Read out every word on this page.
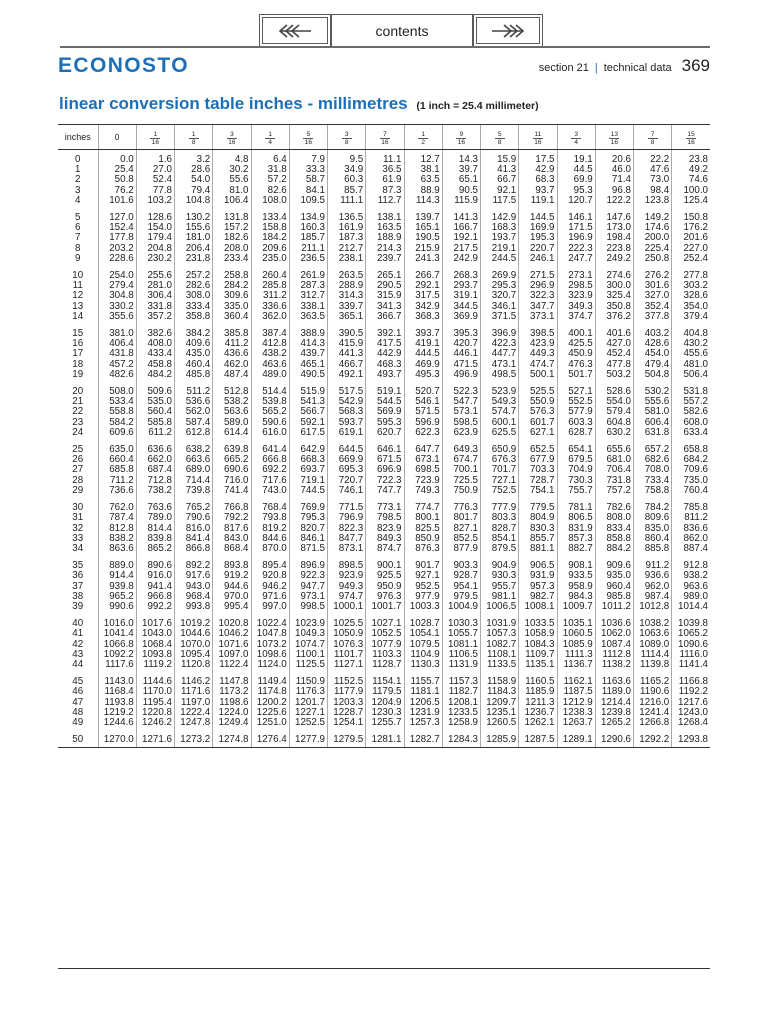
contents
ECONOSTO	section 21 | technical data 369
linear conversion table inches - millimetres (1 inch = 25.4 millimeter)
inches	0	$\frac{1}{16}$	$\frac{1}{8}$	$\frac{3}{16}$	$\frac{1}{4}$	$\frac{5}{16}$	$\frac{3}{8}$	$\frac{7}{16}$	$\frac{1}{2}$	$\frac{9}{16}$	$\frac{5}{8}$	$\frac{11}{16}$	$\frac{3}{4}$	$\frac{13}{16}$	$\frac{7}{8}$	$\frac{15}{16}$

0	0.0	1.6	3.2	4.8	6.4	7.9	9.5	11.1	12.7	14.3	15.9	17.5	19.1	20.6	22.2	23.8
1	25.4	27.0	28.6	30.2	31.8	33.3	34.9	36.5	38.1	39.7	41.3	42.9	44.5	46.0	47.6	49.2
2	50.8	52.4	54.0	55.6	57.2	58.7	60.3	61.9	63.5	65.1	66.7	68.3	69.9	71.4	73.0	74.6
3	76.2	77.8	79.4	81.0	82.6	84.1	85.7	87.3	88.9	90.5	92.1	93.7	95.3	96.8	98.4	100.0
4	101.6	103.2	104.8	106.4	108.0	109.5	111.1	112.7	114.3	115.9	117.5	119.1	120.7	122.2	123.8	125.4
5	127.0	128.6	130.2	131.8	133.4	134.9	136.5	138.1	139.7	141.3	142.9	144.5	146.1	147.6	149.2	150.8
6	152.4	154.0	155.6	157.2	158.8	160.3	161.9	163.5	165.1	166.7	168.3	169.9	171.5	173.0	174.6	176.2
7	177.8	179.4	181.0	182.6	184.2	185.7	187.3	188.9	190.5	192.1	193.7	195.3	196.9	198.4	200.0	201.6
8	203.2	204.8	206.4	208.0	209.6	211.1	212.7	214.3	215.9	217.5	219.1	220.7	222.3	223.8	225.4	227.0
9	228.6	230.2	231.8	233.4	235.0	236.5	238.1	239.7	241.3	242.9	244.5	246.1	247.7	249.2	250.8	252.4
10	254.0	255.6	257.2	258.8	260.4	261.9	263.5	265.1	266.7	268.3	269.9	271.5	273.1	274.6	276.2	277.8
11	279.4	281.0	282.6	284.2	285.8	287.3	288.9	290.5	292.1	293.7	295.3	296.9	298.5	300.0	301.6	303.2
12	304.8	306.4	308.0	309.6	311.2	312.7	314.3	315.9	317.5	319.1	320.7	322.3	323.9	325.4	327.0	328.6
13	330.2	331.8	333.4	335.0	336.6	338.1	339.7	341.3	342.9	344.5	346.1	347.7	349.3	350.8	352.4	354.0
14	355.6	357.2	358.8	360.4	362.0	363.5	365.1	366.7	368.3	369.9	371.5	373.1	374.7	376.2	377.8	379.4
15	381.0	382.6	384.2	385.8	387.4	388.9	390.5	392.1	393.7	395.3	396.9	398.5	400.1	401.6	403.2	404.8
16	406.4	408.0	409.6	411.2	412.8	414.3	415.9	417.5	419.1	420.7	422.3	423.9	425.5	427.0	428.6	430.2
17	431.8	433.4	435.0	436.6	438.2	439.7	441.3	442.9	444.5	446.1	447.7	449.3	450.9	452.4	454.0	455.6
18	457.2	458.8	460.4	462.0	463.6	465.1	466.7	468.3	469.9	471.5	473.1	474.7	476.3	477.8	479.4	481.0
19	482.6	484.2	485.8	487.4	489.0	490.5	492.1	493.7	495.3	496.9	498.5	500.1	501.7	503.2	504.8	506.4
20	508.0	509.6	511.2	512.8	514.4	515.9	517.5	519.1	520.7	522.3	523.9	525.5	527.1	528.6	530.2	531.8
21	533.4	535.0	536.6	538.2	539.8	541.3	542.9	544.5	546.1	547.7	549.3	550.9	552.5	554.0	555.6	557.2
22	558.8	560.4	562.0	563.6	565.2	566.7	568.3	569.9	571.5	573.1	574.7	576.3	577.9	579.4	581.0	582.6
23	584.2	585.8	587.4	589.0	590.6	592.1	593.7	595.3	596.9	598.5	600.1	601.7	603.3	604.8	606.4	608.0
24	609.6	611.2	612.8	614.4	616.0	617.5	619.1	620.7	622.3	623.9	625.5	627.1	628.7	630.2	631.8	633.4
25	635.0	636.6	638.2	639.8	641.4	642.9	644.5	646.1	647.7	649.3	650.9	652.5	654.1	655.6	657.2	658.8
26	660.4	662.0	663.6	665.2	666.8	668.3	669.9	671.5	673.1	674.7	676.3	677.9	679.5	681.0	682.6	684.2
27	685.8	687.4	689.0	690.6	692.2	693.7	695.3	696.9	698.5	700.1	701.7	703.3	704.9	706.4	708.0	709.6
28	711.2	712.8	714.4	716.0	717.6	719.1	720.7	722.3	723.9	725.5	727.1	728.7	730.3	731.8	733.4	735.0
29	736.6	738.2	739.8	741.4	743.0	744.5	746.1	747.7	749.3	750.9	752.5	754.1	755.7	757.2	758.8	760.4
30	762.0	763.6	765.2	766.8	768.4	769.9	771.5	773.1	774.7	776.3	777.9	779.5	781.1	782.6	784.2	785.8
31	787.4	789.0	790.6	792.2	793.8	795.3	796.9	798.5	800.1	801.7	803.3	804.9	806.5	808.0	809.6	811.2
32	812.8	814.4	816.0	817.6	819.2	820.7	822.3	823.9	825.5	827.1	828.7	830.3	831.9	833.4	835.0	836.6
33	838.2	839.8	841.4	843.0	844.6	846.1	847.7	849.3	850.9	852.5	854.1	855.7	857.3	858.8	860.4	862.0
34	863.6	865.2	866.8	868.4	870.0	871.5	873.1	874.7	876.3	877.9	879.5	881.1	882.7	884.2	885.8	887.4
35	889.0	890.6	892.2	893.8	895.4	896.9	898.5	900.1	901.7	903.3	904.9	906.5	908.1	909.6	911.2	912.8
36	914.4	916.0	917.6	919.2	920.8	922.3	923.9	925.5	927.1	928.7	930.3	931.9	933.5	935.0	936.6	938.2
37	939.8	941.4	943.0	944.6	946.2	947.7	949.3	950.9	952.5	954.1	955.7	957.3	958.9	960.4	962.0	963.6
38	965.2	966.8	968.4	970.0	971.6	973.1	974.7	976.3	977.9	979.5	981.1	982.7	984.3	985.8	987.4	989.0
39	990.6	992.2	993.8	995.4	997.0	998.5	1000.1	1001.7	1003.3	1004.9	1006.5	1008.1	1009.7	1011.2	1012.8	1014.4
40	1016.0	1017.6	1019.2	1020.8	1022.4	1023.9	1025.5	1027.1	1028.7	1030.3	1031.9	1033.5	1035.1	1036.6	1038.2	1039.8
41	1041.4	1043.0	1044.6	1046.2	1047.8	1049.3	1050.9	1052.5	1054.1	1055.7	1057.3	1058.9	1060.5	1062.0	1063.6	1065.2
42	1066.8	1068.4	1070.0	1071.6	1073.2	1074.7	1076.3	1077.9	1079.5	1081.1	1082.7	1084.3	1085.9	1087.4	1089.0	1090.6
43	1092.2	1093.8	1095.4	1097.0	1098.6	1100.1	1101.7	1103.3	1104.9	1106.5	1108.1	1109.7	1111.3	1112.8	1114.4	1116.0
44	1117.6	1119.2	1120.8	1122.4	1124.0	1125.5	1127.1	1128.7	1130.3	1131.9	1133.5	1135.1	1136.7	1138.2	1139.8	1141.4
45	1143.0	1144.6	1146.2	1147.8	1149.4	1150.9	1152.5	1154.1	1155.7	1157.3	1158.9	1160.5	1162.1	1163.6	1165.2	1166.8
46	1168.4	1170.0	1171.6	1173.2	1174.8	1176.3	1177.9	1179.5	1181.1	1182.7	1184.3	1185.9	1187.5	1189.0	1190.6	1192.2
47	1193.8	1195.4	1197.0	1198.6	1200.2	1201.7	1203.3	1204.9	1206.5	1208.1	1209.7	1211.3	1212.9	1214.4	1216.0	1217.6
48	1219.2	1220.8	1222.4	1224.0	1225.6	1227.1	1228.7	1230.3	1231.9	1233.5	1235.1	1236.7	1238.3	1239.8	1241.4	1243.0
49	1244.6	1246.2	1247.8	1249.4	1251.0	1252.5	1254.1	1255.7	1257.3	1258.9	1260.5	1262.1	1263.7	1265.2	1266.8	1268.4
50	1270.0	1271.6	1273.2	1274.8	1276.4	1277.9	1279.5	1281.1	1282.7	1284.3	1285.9	1287.5	1289.1	1290.6	1292.2	1293.8
